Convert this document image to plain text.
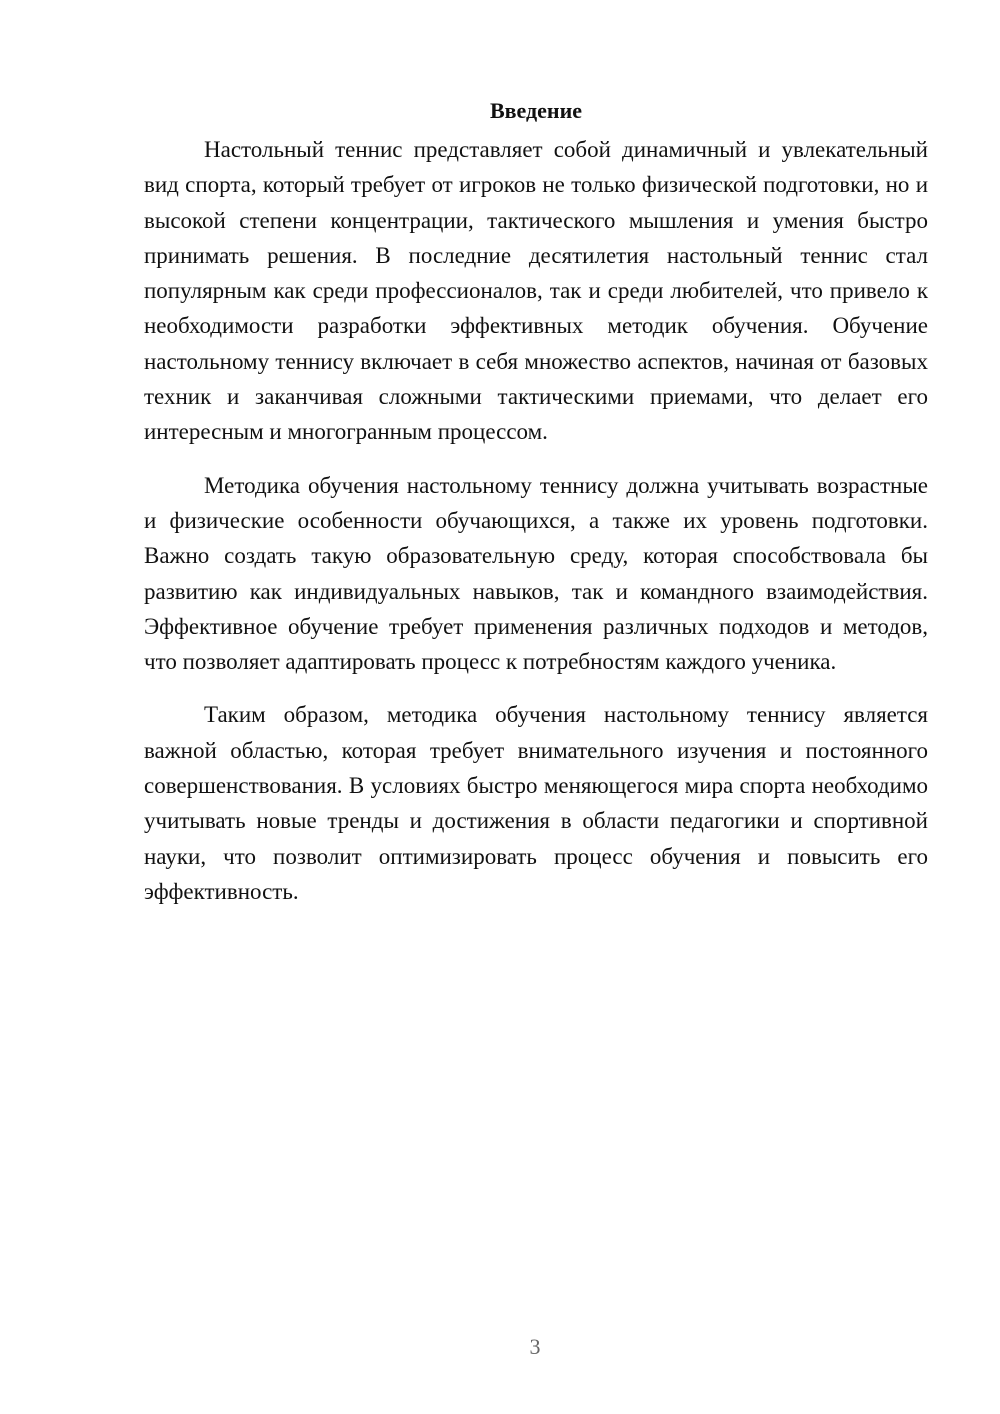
Введение

Настольный теннис представляет собой динамичный и увлекательный вид спорта, который требует от игроков не только физической подготовки, но и высокой степени концентрации, тактического мышления и умения быстро принимать решения. В последние десятилетия настольный теннис стал популярным как среди профессионалов, так и среди любителей, что привело к необходимости разработки эффективных методик обучения. Обучение настольному теннису включает в себя множество аспектов, начиная от базовых техник и заканчивая сложными тактическими приемами, что делает его интересным и многогранным процессом.

Методика обучения настольному теннису должна учитывать возрастные и физические особенности обучающихся, а также их уровень подготовки. Важно создать такую образовательную среду, которая способствовала бы развитию как индивидуальных навыков, так и командного взаимодействия. Эффективное обучение требует применения различных подходов и методов, что позволяет адаптировать процесс к потребностям каждого ученика.

Таким образом, методика обучения настольному теннису является важной областью, которая требует внимательного изучения и постоянного совершенствования. В условиях быстро меняющегося мира спорта необходимо учитывать новые тренды и достижения в области педагогики и спортивной науки, что позволит оптимизировать процесс обучения и повысить его эффективность.

3
